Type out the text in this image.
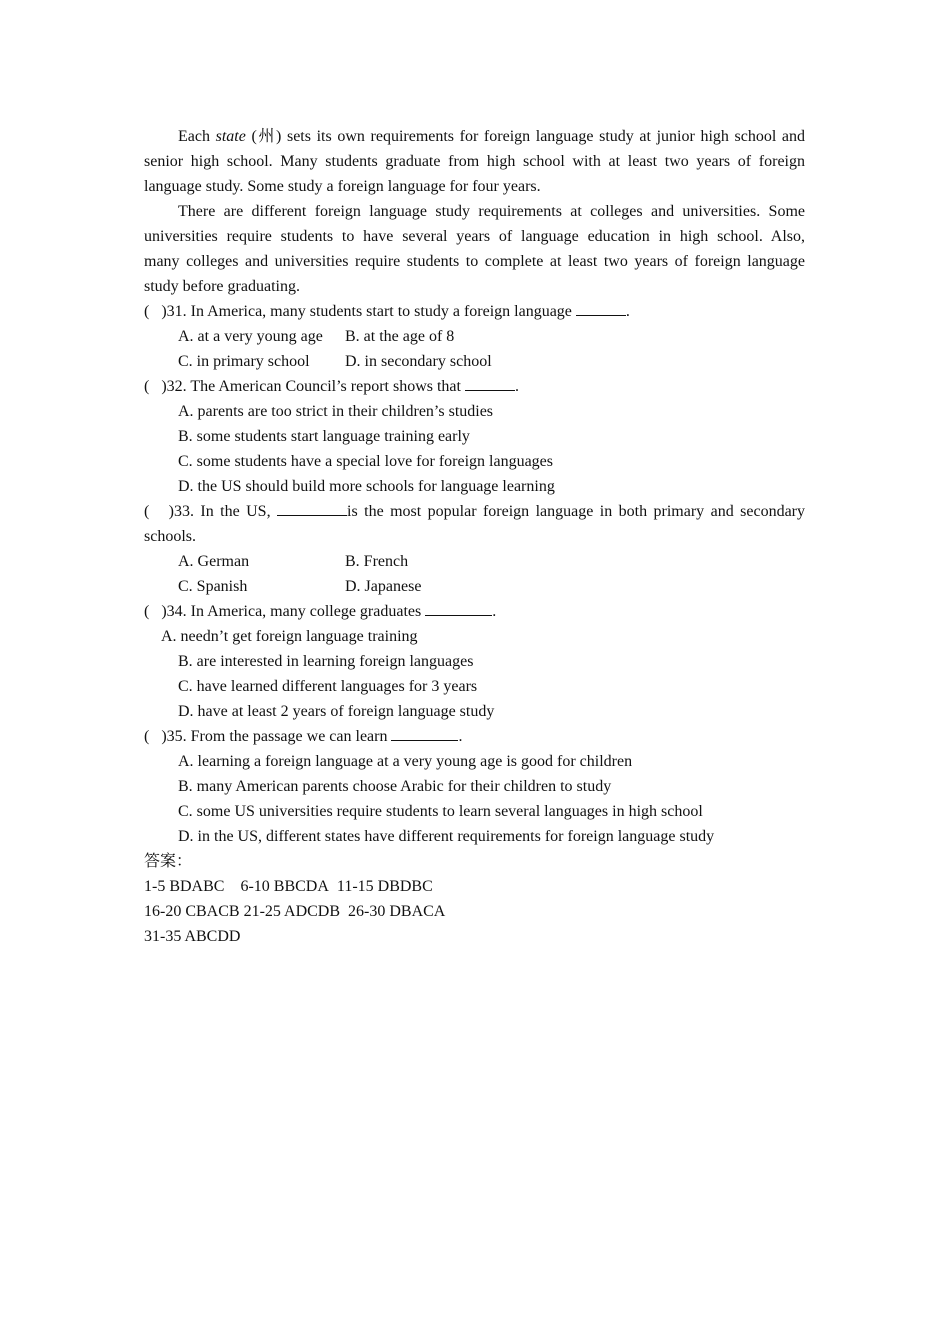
Each state (州) sets its own requirements for foreign language study at junior high school and
senior high school. Many students graduate from high school with at least two years of foreign
language study. Some study a foreign language for four years.
There are different foreign language study requirements at colleges and universities. Some
universities require students to have several years of language education in high school. Also,
many colleges and universities require students to complete at least two years of foreign language
study before graduating.
(   )31. In America, many students start to study a foreign language	.
A. at a very young age B. at the age of 8
C. in primary school D. in secondary school
(   )32. The American Council’s report shows that	.
A. parents are too strict in their children’s studies
B. some students start language training early
C. some students have a special love for foreign languages
D. the US should build more schools for language learning
(   )33. In the US,	is the most popular foreign language in both primary and secondary
schools.
A. German	B. French
C. Spanish	D. Japanese
(   )34. In America, many college graduates	.
A. needn’t get foreign language training
B. are interested in learning foreign languages
C. have learned different languages for 3 years
D. have at least 2 years of foreign language study
(   )35. From the passage we can learn	.
A. learning a foreign language at a very young age is good for children
B. many American parents choose Arabic for their children to study
C. some US universities require students to learn several languages in high school
D. in the US, different states have different requirements for foreign language study
答案：
1-5 BDABC    6-10 BBCDA  11-15 DBDBC
16-20 CBACB 21-25 ADCDB  26-30 DBACA
31-35 ABCDD
